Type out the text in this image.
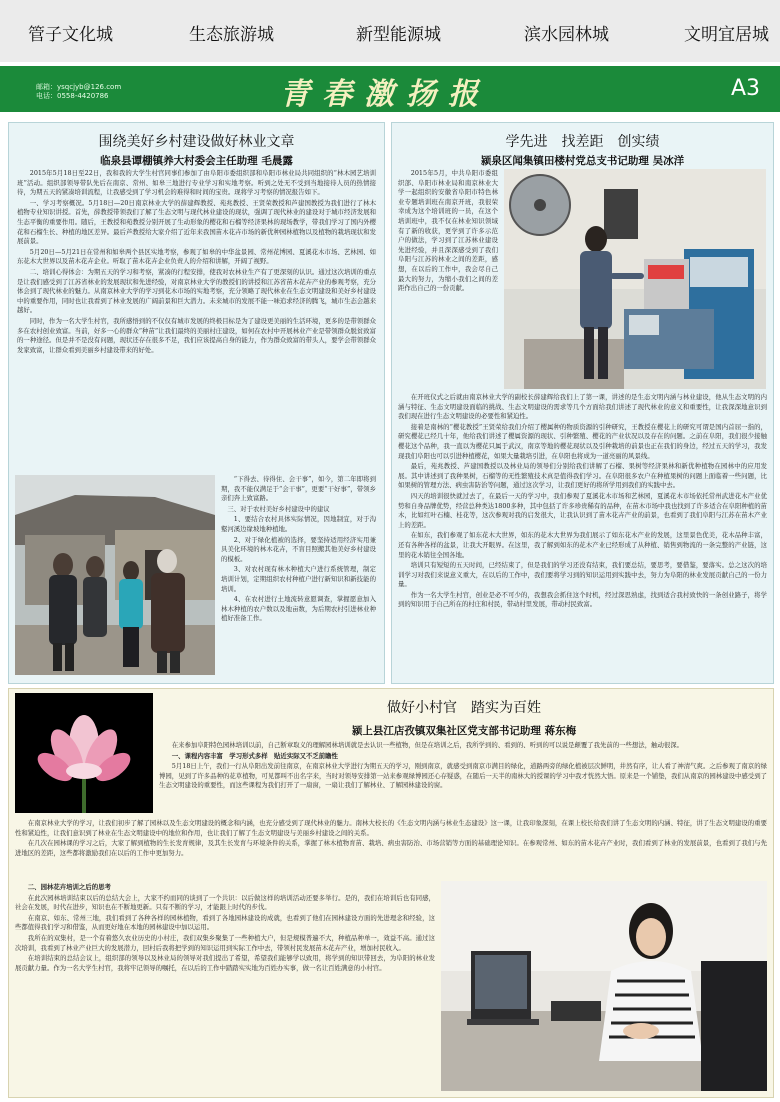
管子文化城	生态旅游城	新型能源城	滨水园林城	文明宜居城
邮箱：ysqcjyb@126.com
电话：0558-4420786	青春激扬报	A3
围绕美好乡村建设做好林业文章
临泉县谭棚镇养大村委会主任助理 毛晨露

2015年5月18日至22日，我和我的大学生村官同事们参加了由阜阳市委组织部和阜阳市林业局共同组织的“林木园艺培训班”活动。组织部领导带队先后在南京、常州、如皋三地进行专业学习和实地考察。听到之处无不受到当地接待人员的热情接待，为期五天的紧凑培训流程，让我感受到了学习机会的难得和时间的宝贵。现将学习考察的情况报告如下。

一、学习考察概况。5月18日—20日南京林业大学的薛建辉教授、苑兆教授、王贤荣教授和芦建国教授为我们进行了林木植物专业知识讲授。首先，薛教授带领我们了解了生态文明与现代林业建设的现状，强调了现代林业的建设对于城市经济发展和生态平衡的重要作用。随后，王教授和苑教授分别开展了生动形象的樱花和石榴等经济果林的现场教学，带我们学习了国内外樱花和石榴生长、种植的地区差异。最后芦教授给大家介绍了近年来我国苗木花卉市场的新优种园林植物以及植物的栽培现状和发展前景。

5月20日—5月21日在常州和如皋两个县区实地考察，参观了如皋的中华盆景园、常州花博园、夏溪花木市场、艺林园、如东花木大世界以及苗木花卉企业。听取了苗木花卉企业负责人的介绍和讲解，开阔了视野。

二、培训心得体会：为期五天的学习和考察，紧凑的行程安排，使我对农林业生产有了更深刻的认识。通过这次培训的重点是让我们感受到了江苏省林业的发展现状和先进经验，对南京林业大学的教授们的讲授和江苏省苗木花卉产业的参观考察，充分体会到了现代林业的魅力。从南京林业大学的学习到花木市场的实地考察，充分领略了现代林业在生态文明建设和美好乡村建设中的重要作用，同时也让我看到了林业发展的广阔前景和巨大潜力。未来城市的发展不能一味追求经济的腾飞，城市生态会越来越好。

同时，作为一名大学生村官，我所感悟到的不仅仅有城市发展的终极目标是为了建设更美丽的生活环境，更多的是带领群众多在农村创业致富。当前，好多一心的群众“种苗”让我们最终的美丽村庄建设，如何在农村中开展林业产业是带领群众脱贫致富的一种途径。但是并不是没有问题，现状还存在很多不足，我们应该提高自身的能力，作为群众致富的带头人，要学会带领群众发家致富，让群众看到美丽乡村建设带来的好处。

“下得去、待得住、会干事”，如今，第二年即将到期，我不能仅满足于“会干事”，更要“干好事”，带领乡亲们奔上致富路。

三、对于农村美好乡村建设中的建议

1、要结合农村具体实际情况，因地制宜，对于沟壑河溪边缘坡地种植地。

2、对于绿化植被的选择，要坚持适用经济实用兼具美化环境的林木花卉，不盲目照搬其他美好乡村建设的模板。

3、对农村现有林木种植大户进行系统管理，制定培训计划，定期组织农村种植户进行新知识和新技能的培训。

4、在农村进行土地流转意愿调查，掌握愿意加入林木种植的农户数以及地亩数，为后期农村引进林业种植好准备工作。

学先进　找差距　创实绩
颍泉区闻集镇田楼村党总支书记助理 吴冰洋

2015年5月，中共阜阳市委组织部、阜阳市林业局和南京林业大学一起组织的安徽省阜阳市特色林业专题培训班在南京开班，我很荣幸成为这个培训班的一员，在这个培训班中，我不仅在林业知识领域有了新的收获，更学到了许多示范户的做法，学习到了江苏林业建设先进经验，并且深深感受到了我们阜阳与江苏的林业之间的差距，感想，在以后的工作中，我会尽自己最大的努力，为缩小我们之间的差距作出自己的一份贡献。

在开班仪式之后就由南京林业大学的副校长薛建辉给我们上了第一课，讲述的是生态文明内涵与林业建设，他从生态文明的内涵与特征、生态文明建设面临的挑战、生态文明建设的需求等几个方面给我们讲述了现代林业的意义和重要性，让我深深地意识到我们现在进行生态文明建设的必要性和紧迫性。

接着是南林的“樱花教授”王贤荣给我们介绍了樱属种的物质资源的引种研究，王教授在樱花上的研究可谓是国内首屈一指的，研究樱花已经几十年，他给我们讲述了樱属资源的现状、引种繁殖、樱花的产业状况以及存在的问题。之前在阜阳，我们很少接触樱花这个品种，我一直以为樱花只属于武汉，南京等地的樱花现状以及引种栽培的前景也正在我们的身边，经过五天的学习，我发现我们阜阳也可以引进种植樱花，如果大量栽培引进，在阜阳也将成为一道亮丽的风景线。

最后，苑兆教授、芦建国教授以及林业局的领导们分别给我们讲解了石榴、果树等经济果林和新优种植物在园林中的应用发展。其中讲述到了我种果树，石榴等的无性繁殖技术真是值得我们学习。在阜阳很多农户在种植果树的问题上面临着一些问题，比如果树的管理方法、病虫害防治等问题，通过这次学习，让我们更好的将所学用到我们的实践中去。

四天的培训很快就过去了，在最后一天的学习中，我们参观了夏溪花木市场和艺林园，夏溪花木市场依托常州武进花木产业优势和自身品牌优势，经营总种类达1800多种，其中包括了许多珍贵稀有的品种，在苗木市场中我也找到了许多适合在阜阳种植的苗木，比如红叶石楠、桂花等，这次参观对我的启发很大，让我认识到了苗木花卉产业的前景，也看到了我们阜阳与江苏在苗木产业上的差距。

在如东，我们参观了如东花木大世界，如东的花木大世界为我们展示了如东花木产业的发展，这里景色优美，花木品种丰富，还有各种各样的盆景，让我大开眼界。在这里，我了解到如东的花木产业已经形成了从种植、销售到物流的一条完整的产业链，这里的花木销往全国各地。

培训只有短短的五天时间，已经结束了，但是我们的学习还没有结束，我们要总结，要思考，要借鉴，要落实。总之这次的培训学习对我们来说意义重大，在以后的工作中，我们要将学习到的知识运用到实践中去，努力为阜阳的林业发展贡献自己的一份力量。

作为一名大学生村官，创业是必不可少的，我想我会抓住这个时机，经过深思熟虑，找到适合我村致快的一条创业路子，将学到的知识用于自己所在的村庄和村民，带动村里发展，带动村民致富。

做好小村官　踏实为百姓
颍上县江店孜镇双集社区党支部书记助理 蒋东梅

在来参加阜阳特色园林培训以前，自己断章取义的理解园林培训就是去认识一些植物，但是在培训之后，我所学到的、看到的、听到的可以说是颠覆了我先前的一些想法，触动很深。

一、课程内容丰富　学习形式多样　贴近实际又不乏前瞻性

5月18日上午，我们一行从阜阳出发前往南京，在南京林业大学进行为期五天的学习，刚到南京，就感受到南京市满目的绿化，道路两旁的绿化植被层次鲜明，井然有序，让人看了神清气爽。之后参观了南京的绿博园，见到了许多品种的花草植物，可见都叫不出名字来，当时对领导安排第一站来参观绿博园还心存疑惑，在随后一天半的南林大的授课的学习中我才恍然大悟。原来是一个铺垫，我们从南京的园林建设中感受到了生态文明建设的重要性，而这些课程为我们打开了一扇窗，一扇让我们了解林业、了解园林建设的窗。

在南京林业大学的学习，让我们初步了解了园林以及生态文明建设的概念和内涵，也充分感受到了现代林业的魅力。南林大校长的《生态文明内涵与林业生态建设》这一课，让我印象深刻，在课上校长给我们讲了生态文明的内涵、特征，讲了生态文明建设的重要性和紧迫性，让我们意识到了林业在生态文明建设中的地位和作用，也让我们了解了生态文明建设与美丽乡村建设之间的关系。

在几次在园林课的学习之后，大家了解到植物的生长发育规律，及其生长发育与环境条件的关系，掌握了林木植物育苗、栽培、病虫害防治、市场营销等方面的基础理论知识。在参观常州、如东的苗木花卉产业时，我们看到了林业的发展前景，也看到了我们与先进地区的差距，这些都将激励我们在以后的工作中更加努力。

二、园林花卉培训之后的思考

在此次园林培训结束以后的总结大会上，大家不约而同的谈到了一个共识：以后做这样的培训活动还要多举行。是的，我们在培训后也有同感，社会在发展，时代在进步，知识也在不断地更新。只有不断的学习，才能跟上时代的步伐。

在南京、如东、常州三地，我们看到了各种各样的园林植物，看到了各地园林建设的成就，也看到了他们在园林建设方面的先进理念和经验，这些都值得我们学习和借鉴，从而更好地在本地的园林建设中加以运用。

我所在的双集村，是一个有着悠久农业历史的小村庄，我们双集乡聚集了一些种植大户，但是规模普遍不大，种植品种单一，效益不高。通过这次培训，我看到了林业产业巨大的发展潜力，回村后我将把学到的知识运用到实际工作中去，带领村民发展苗木花卉产业，增加村民收入。

在培训结束的总结会议上，组织部的领导以及林业局的领导对我们提出了希望，希望我们能够学以致用，将学到的知识带回去，为阜阳的林业发展贡献力量。作为一名大学生村官，我将牢记领导的嘱托，在以后的工作中踏踏实实地为百姓办实事，做一名让百姓满意的小村官。
